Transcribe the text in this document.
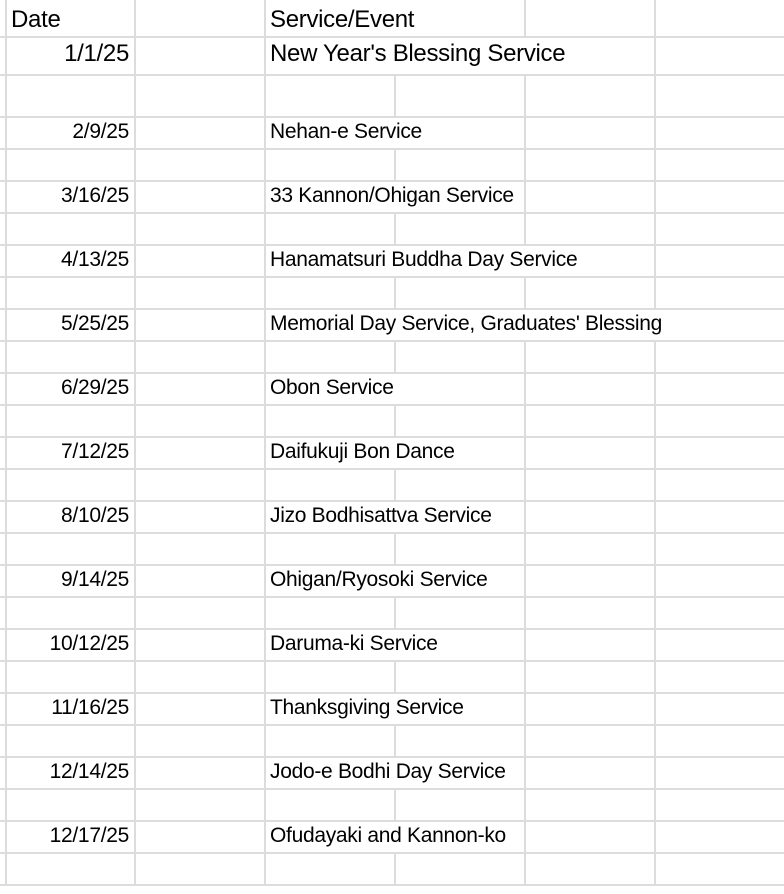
Date	Service/Event
1/1/25	New Year's Blessing Service
2/9/25	Nehan-e Service
3/16/25	33 Kannon/Ohigan Service
4/13/25	Hanamatsuri Buddha Day Service
5/25/25	Memorial Day Service, Graduates' Blessing
6/29/25	Obon Service
7/12/25	Daifukuji Bon Dance
8/10/25	Jizo Bodhisattva Service
9/14/25	Ohigan/Ryosoki Service
10/12/25	Daruma-ki Service
11/16/25	Thanksgiving Service
12/14/25	Jodo-e Bodhi Day Service
12/17/25	Ofudayaki and Kannon-ko
